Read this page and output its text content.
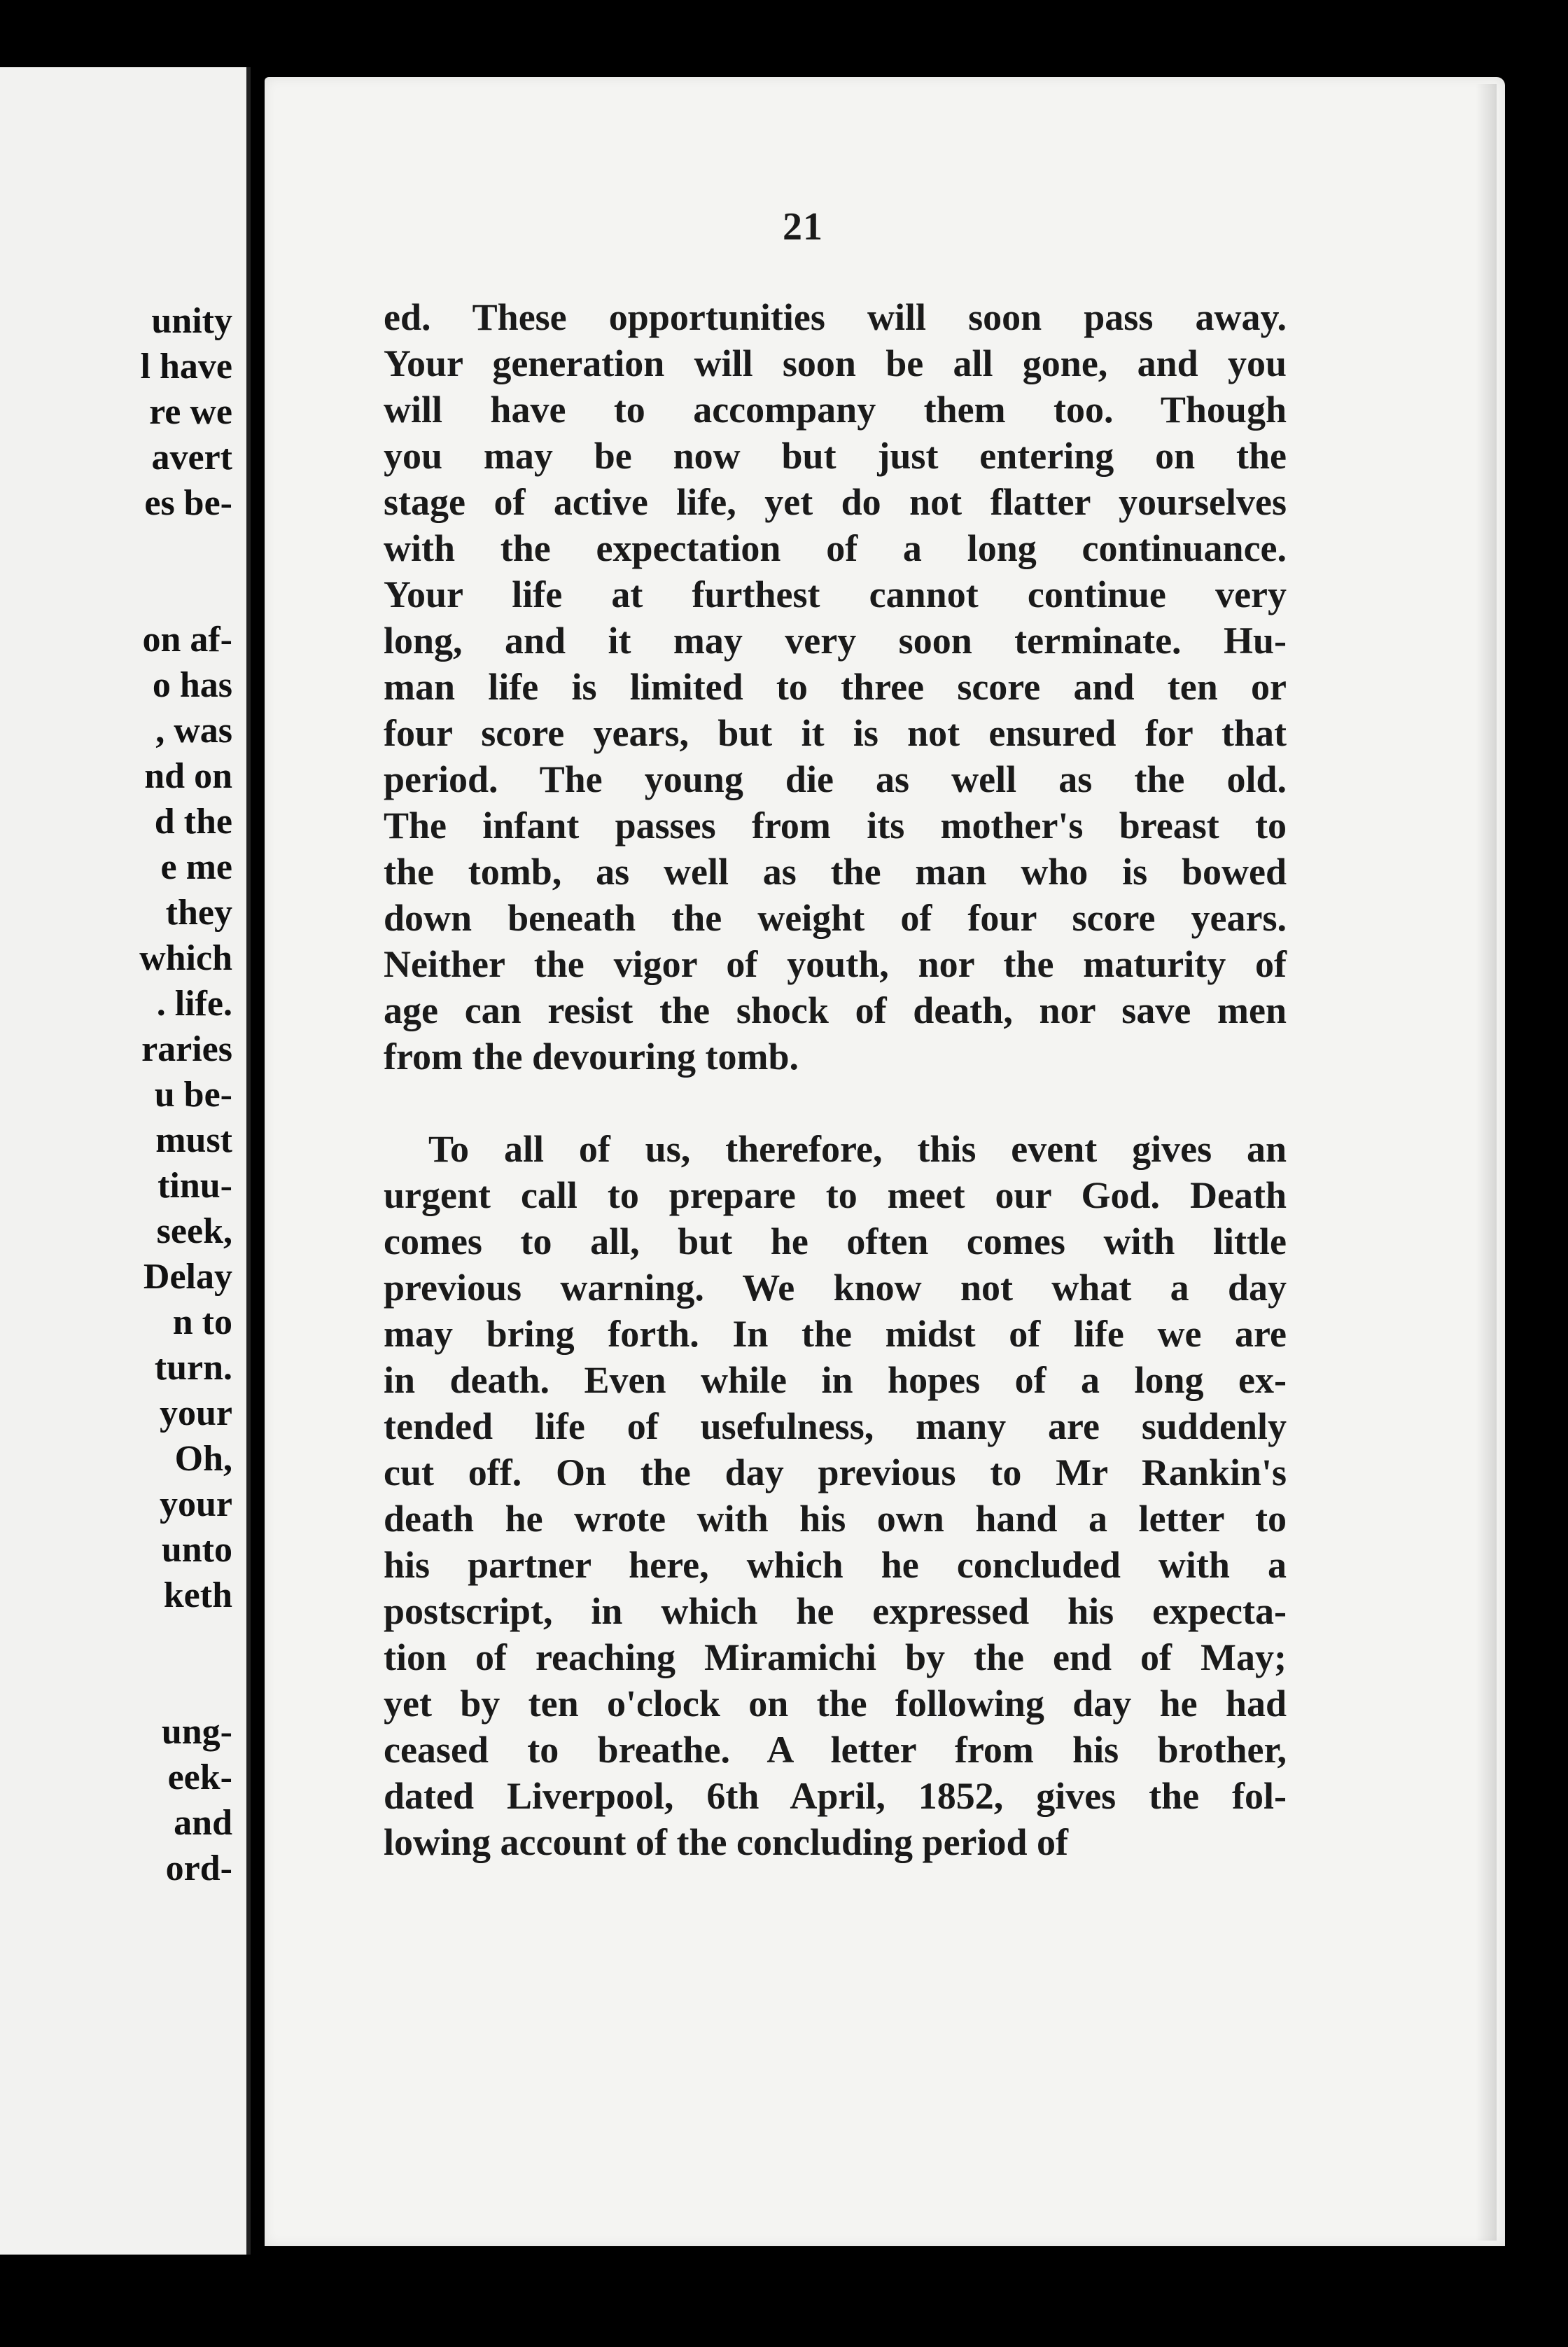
unity
l have
re we
avert
es be-
on af-
o has
, was
nd on
d the
e me
they
which
. life.
raries
u be-
must
tinu-
seek,
Delay
n to
turn.
your
Oh,
your
unto
keth
ung-
eek-
and
ord-
21
ed. These opportunities will soon pass away.
Your generation will soon be all gone, and you
will have to accompany them too. Though
you may be now but just entering on the
stage of active life, yet do not flatter yourselves
with the expectation of a long continuance.
Your life at furthest cannot continue very
long, and it may very soon terminate. Hu-
man life is limited to three score and ten or
four score years, but it is not ensured for that
period. The young die as well as the old.
The infant passes from its mother's breast to
the tomb, as well as the man who is bowed
down beneath the weight of four score years.
Neither the vigor of youth, nor the maturity of
age can resist the shock of death, nor save men
from the devouring tomb.
To all of us, therefore, this event gives an
urgent call to prepare to meet our God. Death
comes to all, but he often comes with little
previous warning. We know not what a day
may bring forth. In the midst of life we are
in death. Even while in hopes of a long ex-
tended life of usefulness, many are suddenly
cut off. On the day previous to Mr Rankin's
death he wrote with his own hand a letter to
his partner here, which he concluded with a
postscript, in which he expressed his expecta-
tion of reaching Miramichi by the end of May;
yet by ten o'clock on the following day he had
ceased to breathe. A letter from his brother,
dated Liverpool, 6th April, 1852, gives the fol-
lowing account of the concluding period of
